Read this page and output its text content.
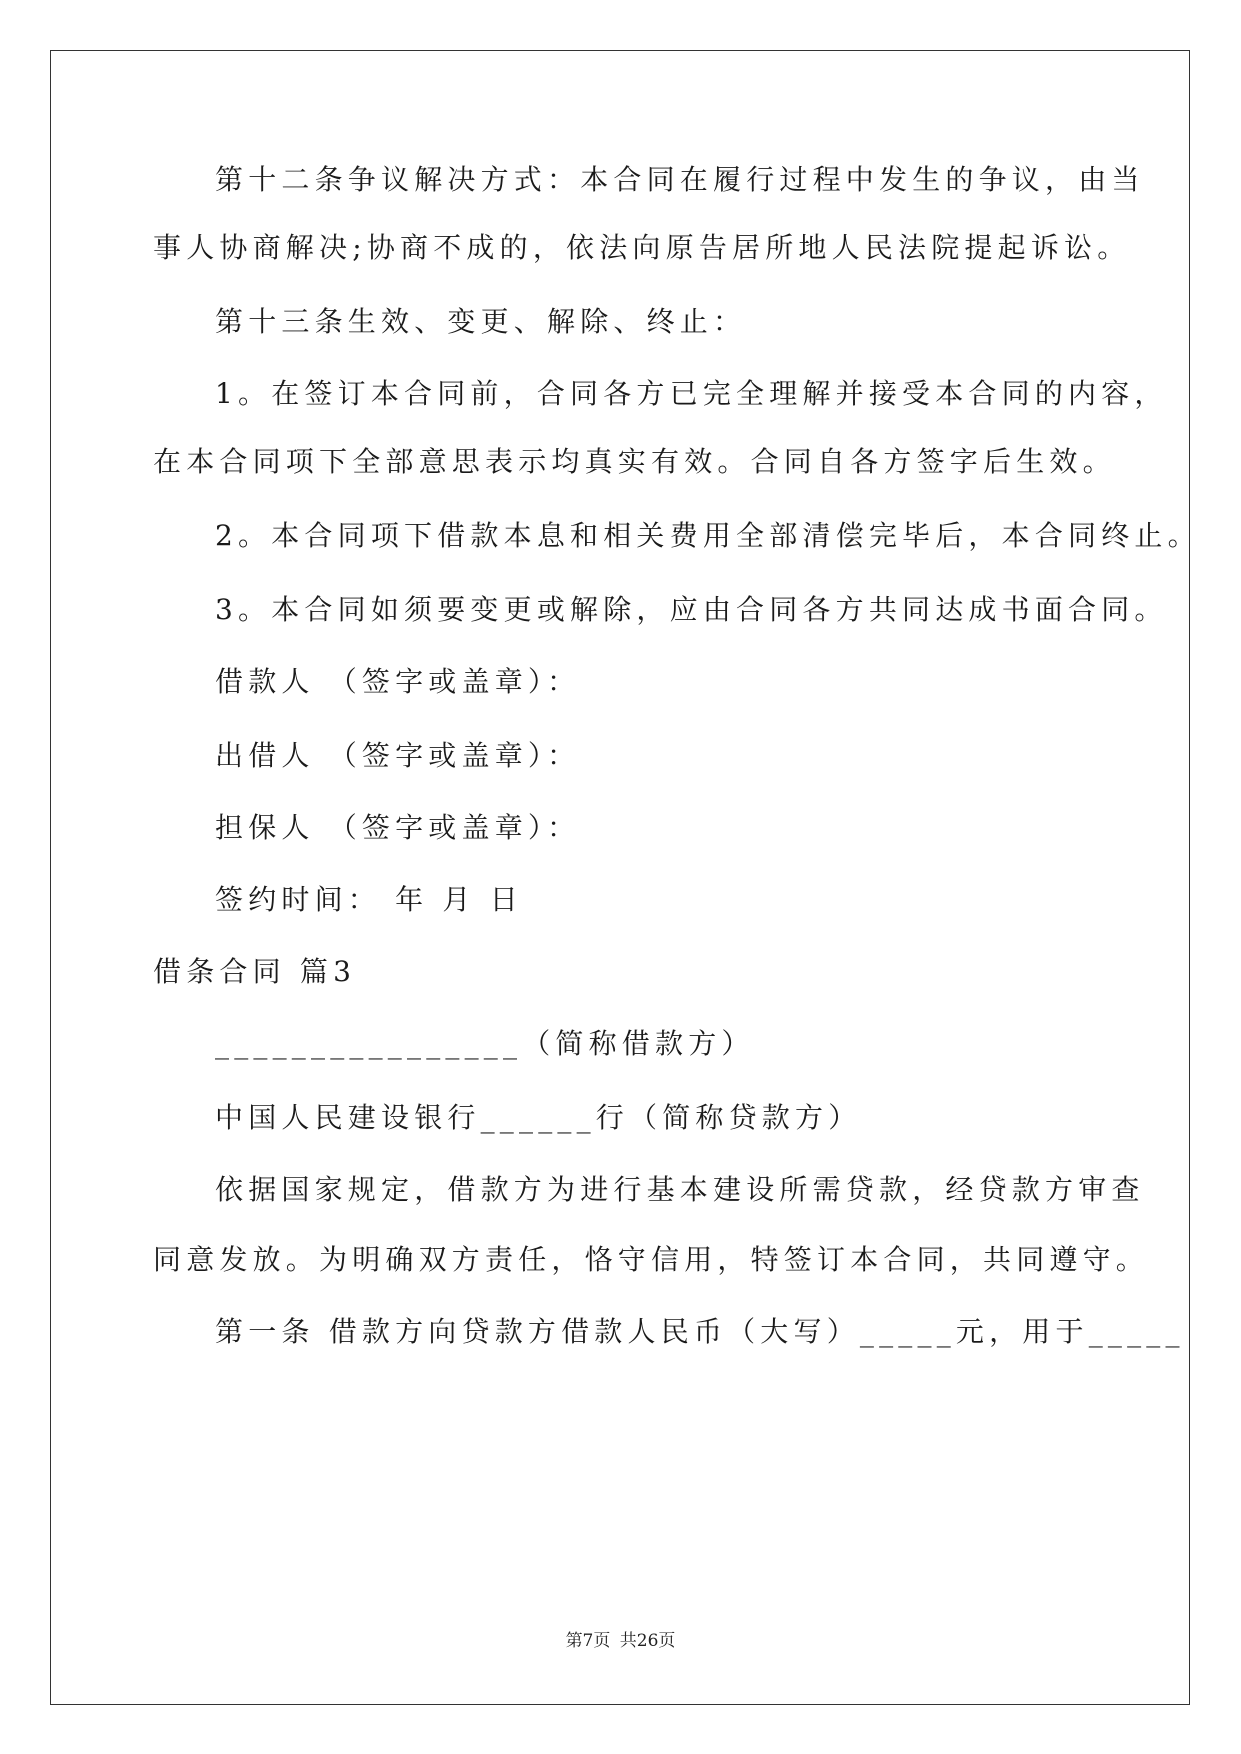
第十二条争议解决方式：本合同在履行过程中发生的争议，由当
事人协商解决;协商不成的，依法向原告居所地人民法院提起诉讼。
第十三条生效、变更、解除、终止：
1。在签订本合同前，合同各方已完全理解并接受本合同的内容，
在本合同项下全部意思表示均真实有效。合同自各方签字后生效。
2。本合同项下借款本息和相关费用全部清偿完毕后，本合同终止。
3。本合同如须要变更或解除，应由合同各方共同达成书面合同。
借款人 （签字或盖章）：
出借人 （签字或盖章）：
担保人 （签字或盖章）：
签约时间： 年 月 日
借条合同 篇3
________________（简称借款方）
中国人民建设银行______行（简称贷款方）
依据国家规定，借款方为进行基本建设所需贷款，经贷款方审查
同意发放。为明确双方责任，恪守信用，特签订本合同，共同遵守。
第一条 借款方向贷款方借款人民币（大写）_____元，用于_____
第7页 共26页
